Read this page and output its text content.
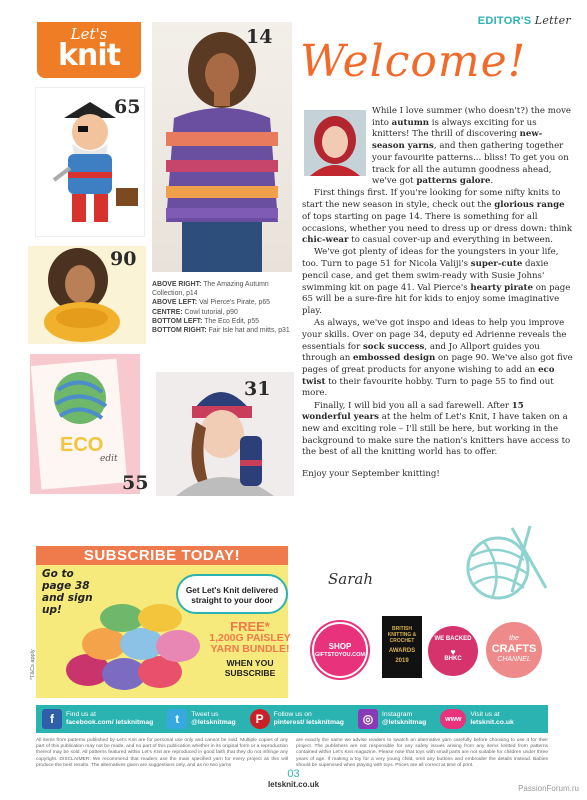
Let's
knit
EDITOR'S Letter
14
65
90
ECO
edit
55
31
ABOVE RIGHT: The Amazing Autumn Collection, p14
ABOVE LEFT: Val Pierce's Pirate, p65
CENTRE: Cowl tutorial, p90
BOTTOM LEFT: The Eco Edit, p55
BOTTOM RIGHT: Fair Isle hat and mitts, p31
Welcome!

While I love summer (who doesn't?) the move into autumn is always exciting for us knitters! The thrill of discovering new-season yarns, and then gathering together your favourite patterns... bliss! To get you on track for all the autumn goodness ahead, we've got patterns galore.

First things first. If you're looking for some nifty knits to start the new season in style, check out the glorious range of tops starting on page 14. There is something for all occasions, whether you need to dress up or dress down: think chic-wear to casual cover-up and everything in between.

We've got plenty of ideas for the youngsters in your life, too. Turn to page 51 for Nicola Valiji's super-cute daxie pencil case, and get them swim-ready with Susie Johns' swimming kit on page 41. Val Pierce's hearty pirate on page 65 will be a sure-fire hit for kids to enjoy some imaginative play.

As always, we've got inspo and ideas to help you improve your skills. Over on page 34, deputy ed Adrienne reveals the essentials for sock success, and Jo Allport guides you through an embossed design on page 90. We've also got five pages of great products for anyone wishing to add an eco twist to their favourite hobby. Turn to page 55 to find out more.

Finally, I will bid you all a sad farewell. After 15 wonderful years at the helm of Let's Knit, I have taken on a new and exciting role – I'll still be here, but working in the background to make sure the nation's knitters have access to the best of all the knitting world has to offer.

Enjoy your September knitting!

Sarah
SUBSCRIBE TODAY!
Go to page 38 and sign up!
Get Let's Knit delivered straight to your door
FREE*
1,200G PAISLEY YARN BUNDLE!
WHEN YOU SUBSCRIBE
*T&Cs apply
SHOP
GIFTSTOYOU.COM
BRITISH KNITTING & CROCHET
AWARDS
2019
WE BACKED
♥
BHKC
the
CRAFTS
CHANNEL
f	Find us at
facebook.com/ letsknitmag	t	Tweet us
@letsknitmag	P	Follow us on
pinterest/ letsknitmag	◎	Instagram
@letsknitmag	www
Visit us at
letsknit.co.uk
All items from patterns published by Let's Knit are for personal use only and cannot be sold. Multiple copies of any part of this publication may not be made, and no part of this publication whether in its original form or a reproduction thereof may be sold. All patterns featured within Let's Knit are reproduced in good faith that they do not infringe any copyright. DISCLAIMER: We recommend that readers use the main specified yarn for every project as this will produce the best results. The alternatives given are suggestions only, and as no two yarns
are exactly the same we advise readers to swatch an alternative yarn carefully before choosing to use it for their project. The publishers are not responsible for any safety issues arising from any items knitted from patterns contained within Let's Knit magazine. Please note that toys with small parts are not suitable for children under three years of age. If making a toy for a very young child, omit any buttons and embroider the details instead. Babies should be supervised when playing with toys. Prices are all correct at time of print.
03
letsknit.co.uk	PassionForum.ru
